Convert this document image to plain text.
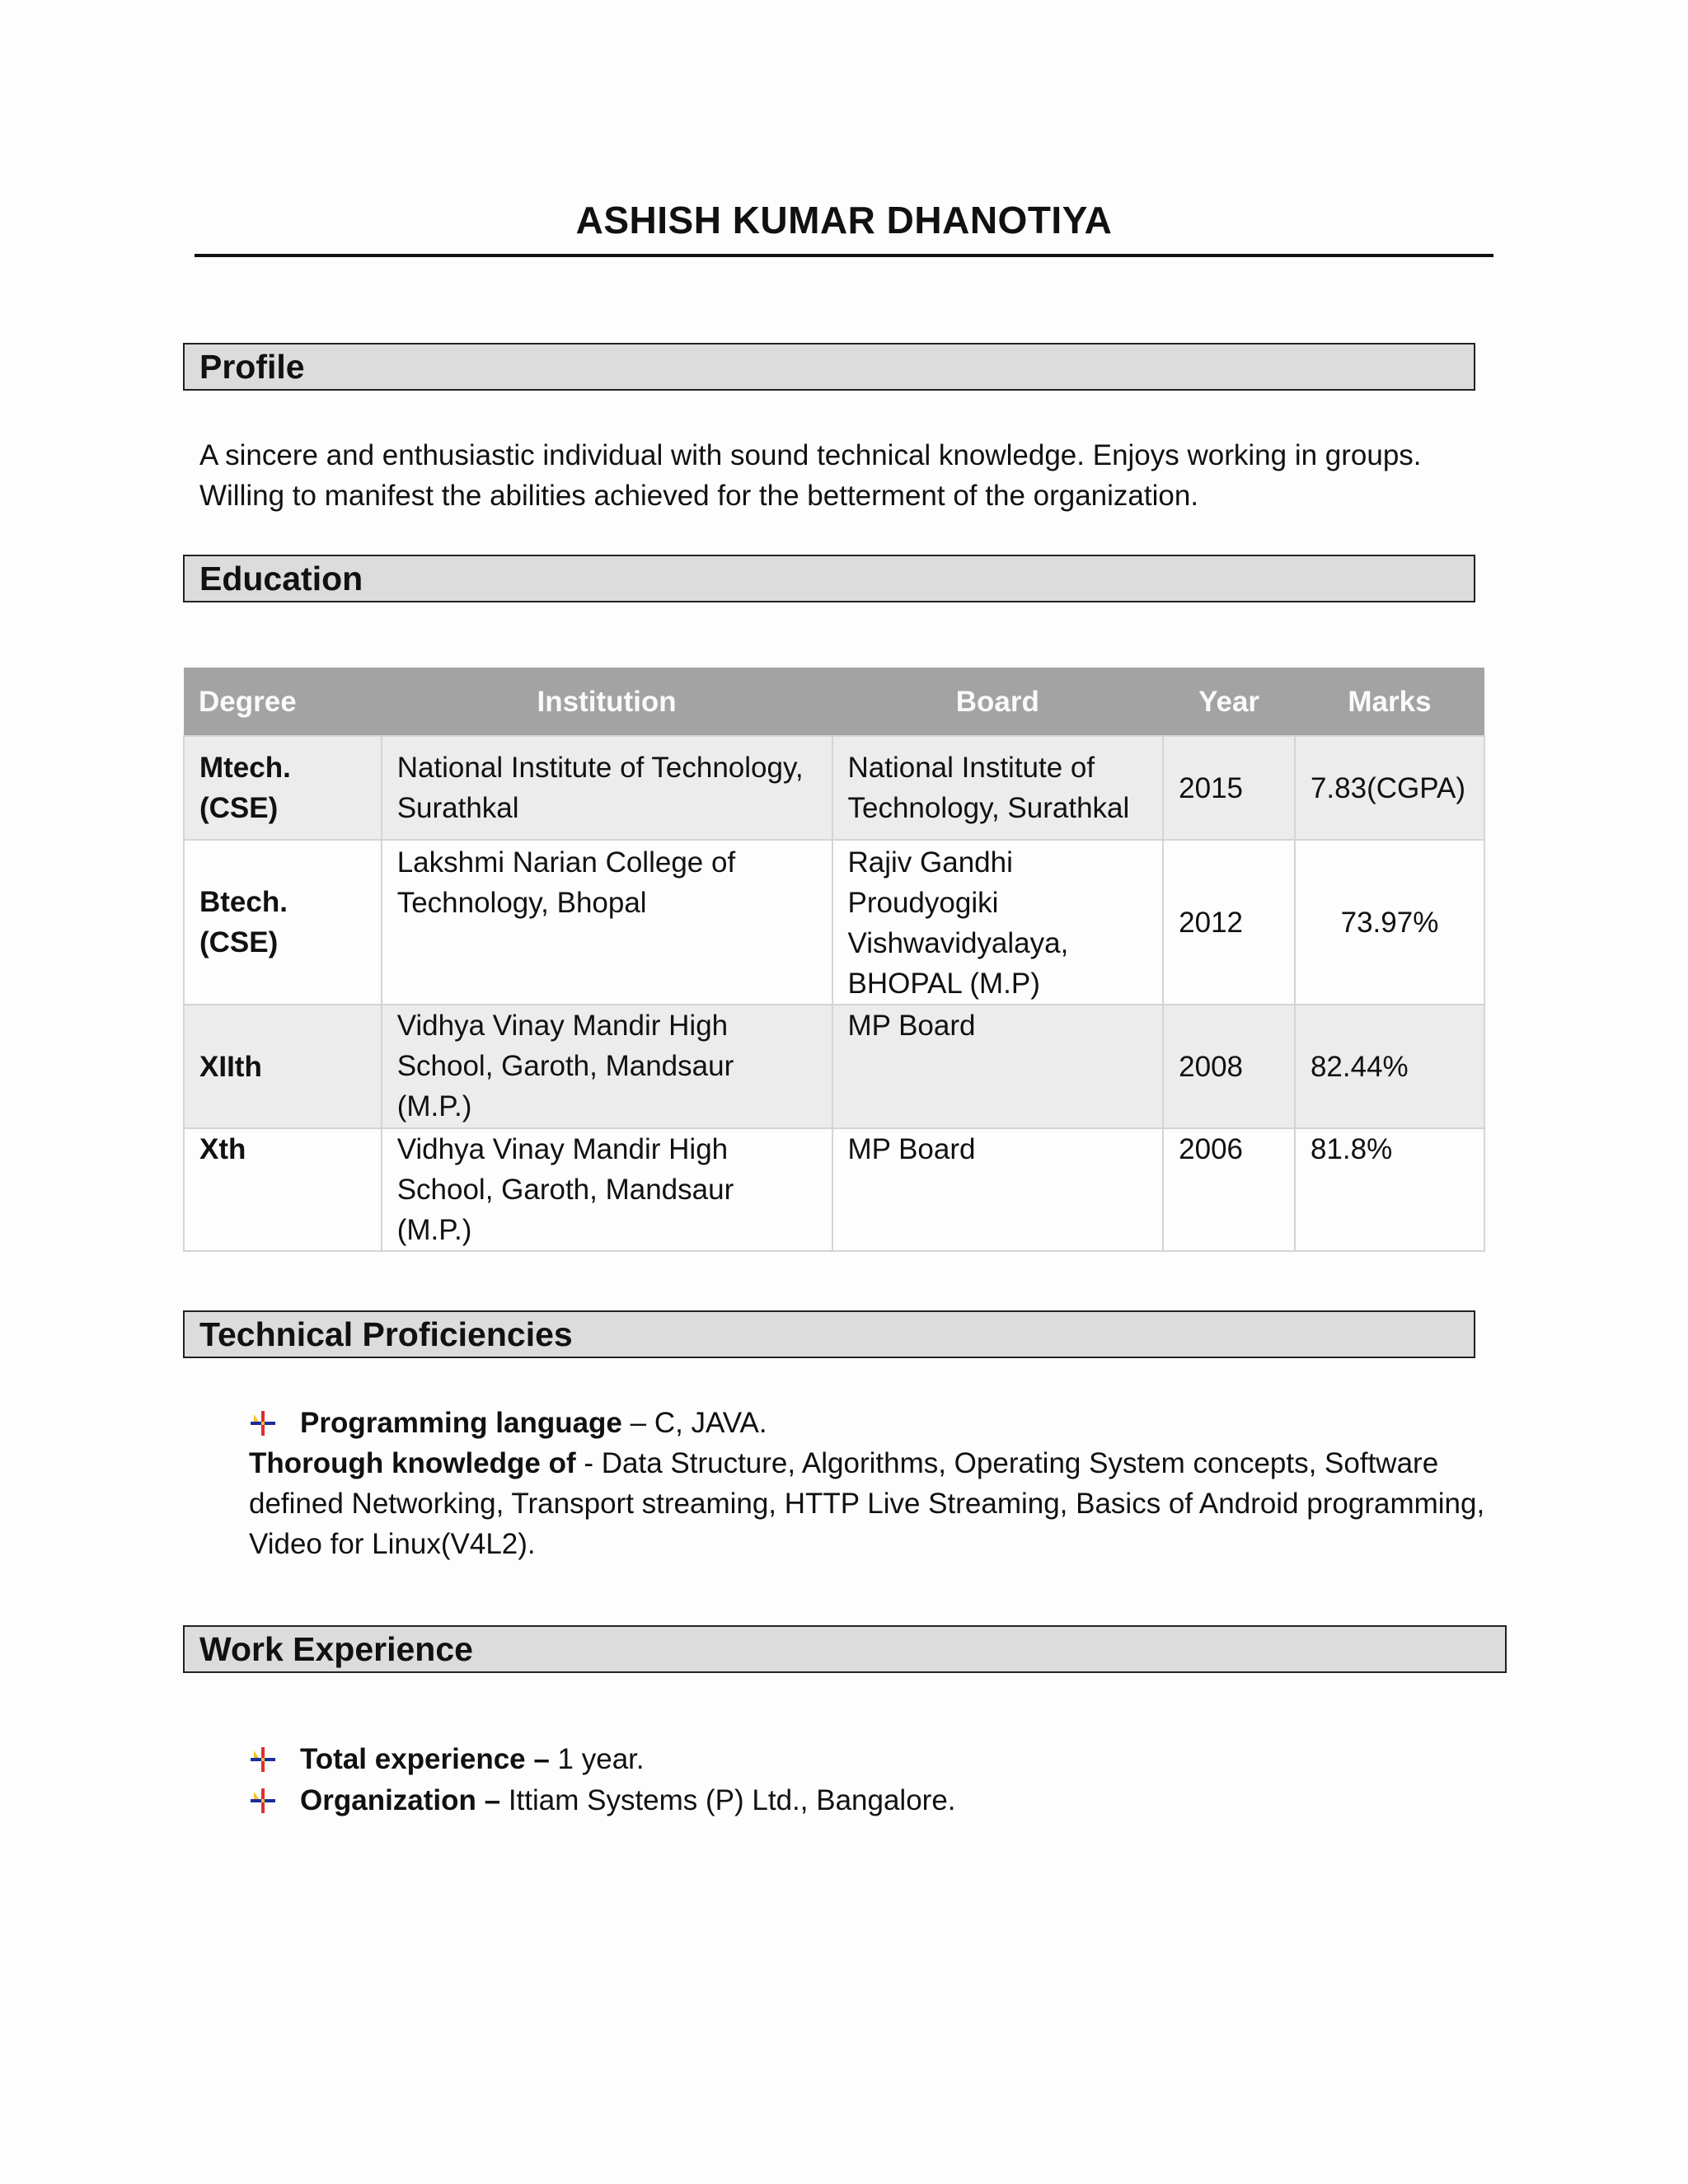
ASHISH KUMAR DHANOTIYA
Profile
A sincere and enthusiastic individual with sound technical knowledge. Enjoys working in groups. Willing to manifest the abilities achieved for the betterment of the organization.
Education
Degree	Institution	Board	Year	Marks
Mtech.(CSE)	National Institute of Technology, Surathkal	National Institute of Technology, Surathkal	2015	7.83(CGPA)
Btech.(CSE)	Lakshmi Narian College of Technology, Bhopal	Rajiv Gandhi Proudyogiki Vishwavidyalaya, BHOPAL (M.P)	2012	73.97%
XIIth	Vidhya Vinay Mandir High School, Garoth, Mandsaur (M.P.)	MP Board	2008	82.44%
Xth	Vidhya Vinay Mandir High School, Garoth, Mandsaur (M.P.)	MP Board	2006	81.8%
Technical Proficiencies
Programming language – C, JAVA.
Thorough knowledge of - Data Structure, Algorithms, Operating System concepts, Software defined Networking, Transport streaming, HTTP Live Streaming, Basics of Android programming, Video for Linux(V4L2).
Work Experience
Total experience – 1 year.
Organization – Ittiam Systems (P) Ltd., Bangalore.
